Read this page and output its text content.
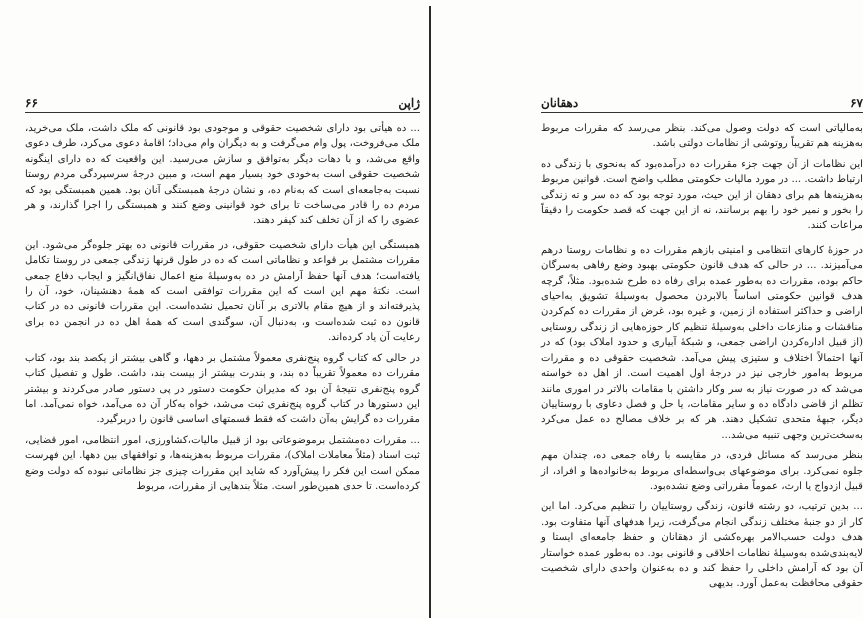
ژاپن
۶۶

... ده هیأتی بود دارای شخصیت حقوقی و موجودی بود قانونی که ملک داشت، ملک می‌خرید، ملک می‌فروخت، پول وام می‌گرفت و به دیگران وام می‌داد؛ اقامهٔ دعوی می‌کرد، طرف دعوی واقع می‌شد، و با دهات دیگر به‌توافق و سازش می‌رسید. این واقعیت که ده دارای اینگونه شخصیت حقوقی است به‌خودی خود بسیار مهم است، و مبین درجهٔ سرسپردگی مردم روستا نسبت به‌جامعه‌ای است که به‌نام ده، و نشان درجهٔ همبستگی آنان بود. همین همبستگی بود که مردم ده را قادر می‌ساخت تا برای خود قوانینی وضع کنند و همبستگی را اجرا گذارند، و هر عضوی را که از آن تخلف کند کیفر دهند.

همبستگی این هیأت دارای شخصیت حقوقی، در مقررات قانونی ده بهتر جلوه‌گر می‌شود. این مقررات مشتمل بر قواعد و نظاماتی است که ده در طول قرنها زندگی جمعی در روستا تکامل یافته‌است؛ هدف آنها حفظ آرامش در ده به‌وسیلهٔ منع اعمال نفاق‌انگیز و ایجاب دفاع جمعی است. نکتهٔ مهم این است که این مقررات توافقی است که همهٔ دهنشینان، خود، آن را پذیرفته‌اند و از هیچ مقام بالاتری بر آنان تحمیل نشده‌است. این مقررات قانونی ده در کتاب قانون ده ثبت شده‌است و، به‌دنبال آن، سوگندی است که همهٔ اهل ده در انجمن ده برای رعایت آن یاد کرده‌اند.

در حالی که کتاب گروه پنج‌نفری معمولاً مشتمل بر دهها، و گاهی بیشتر از یکصد بند بود، کتاب مقررات ده معمولاً تقریباً ده بند، و بندرت بیشتر از بیست بند، داشت. طول و تفصیل کتاب گروه پنج‌نفری نتیجهٔ آن بود که مدیران حکومت دستور در پی دستور صادر می‌کردند و بیشتر این دستورها در کتاب گروه پنج‌نفری ثبت می‌شد، خواه به‌کار آن ده می‌آمد، خواه نمی‌آمد. اما مقررات ده گرایش به‌آن داشت که فقط قسمتهای اساسی قانون را دربرگیرد.

... مقررات ده‌مشتمل برموضوعاتی بود از قبیل مالیات،کشاورزی، امور انتظامی، امور قضایی، ثبت اسناد (مثلاً معاملات املاک)، مقررات مربوط به‌هزینه‌ها، و توافقهای بین دهها. این فهرست ممکن است این فکر را پیش‌آورد که شاید این مقررات چیزی جز نظاماتی نبوده که دولت وضع کرده‌است. تا حدی همین‌طور است. مثلاً بندهایی از مقررات، مربوط

۶۷
دهقانان

به‌مالیاتی است که دولت وصول می‌کند. بنظر می‌رسد که مقررات مربوط به‌هزینه هم تقریباً روتوشی از نظامات دولتی باشد.

این نظامات از آن جهت جزء مقررات ده درآمده‌بود که به‌نحوی با زندگی ده ارتباط داشت. ... در مورد مالیات حکومتی مطلب واضح است. قوانین مربوط به‌هزینه‌ها هم برای دهقان از این حیث، مورد توجه بود که ده سر و ته زندگی‌ را بخور و نمیر خود را بهم برسانند، نه از این جهت که قصد حکومت را دقیقاً مراعات کنند.

در حوزهٔ کارهای انتظامی و امنیتی بازهم مقررات ده و نظامات روستا درهم می‌آمیزند. ... در حالی که هدف قانون حکومتی بهبود وضع رفاهی به‌سرگان حاکم بوده، مقررات ده به‌طور عمده برای رفاه ده طرح شده‌بود. مثلاً، گرچه هدف قوانین حکومتی اساساً بالابردن محصول به‌وسیلهٔ تشویق به‌احیای اراضی و حداکثر استفاده از زمین، و غیره بود، غرض از مقررات ده کم‌کردن مناقشات و منازعات داخلی به‌وسیلهٔ تنظیم کار حوزه‌هایی از زندگی روستایی (از قبیل اداره‌کردن اراضی جمعی، و شبکهٔ آبیاری و حدود املاک بود) که در آنها احتمالاً اختلاف و ستیزی پیش می‌آمد. شخصیت حقوقی ده و مقررات مربوط به‌امور خارجی نیز در درجهٔ اول اهمیت است. از اهل ده خواسته می‌شد که در صورت نیاز به سر وکار داشتن با مقامات بالاتر در اموری مانند تظلم از قاضی دادگاه ده و سایر مقامات، یا حل و فصل دعاوی با روستاییان دیگر، جبههٔ متحدی تشکیل دهند. هر که بر خلاف مصالح ده عمل می‌کرد به‌سخت‌ترین وجهی تنبیه می‌شد...

بنظر می‌رسد که مسائل فردی، در مقایسه با رفاه جمعی ده، چندان مهم جلوه نمی‌کرد. برای موضوعهای بی‌واسطه‌ای مربوط به‌خانواده‌ها و افراد، از قبیل ازدواج یا ارث، عموماً مقرراتی وضع نشده‌بود.

... بدین ترتیب، دو رشته قانون، زندگی روستاییان را تنظیم می‌کرد. اما این کار از دو جنبهٔ مختلف زندگی انجام می‌گرفت، زیرا هدفهای آنها متفاوت بود. هدف دولت حسب‌الامر بهره‌کشی از دهقانان و حفظ جامعه‌ای ایستا و لایه‌بندی‌شده به‌وسیلهٔ نظامات اخلاقی و قانونی بود. ده به‌طور عمده خواستار آن بود که آرامش داخلی را حفظ کند و ده به‌عنوان واحدی دارای شخصیت حقوقی محافظت به‌عمل آورد. بدیهی
